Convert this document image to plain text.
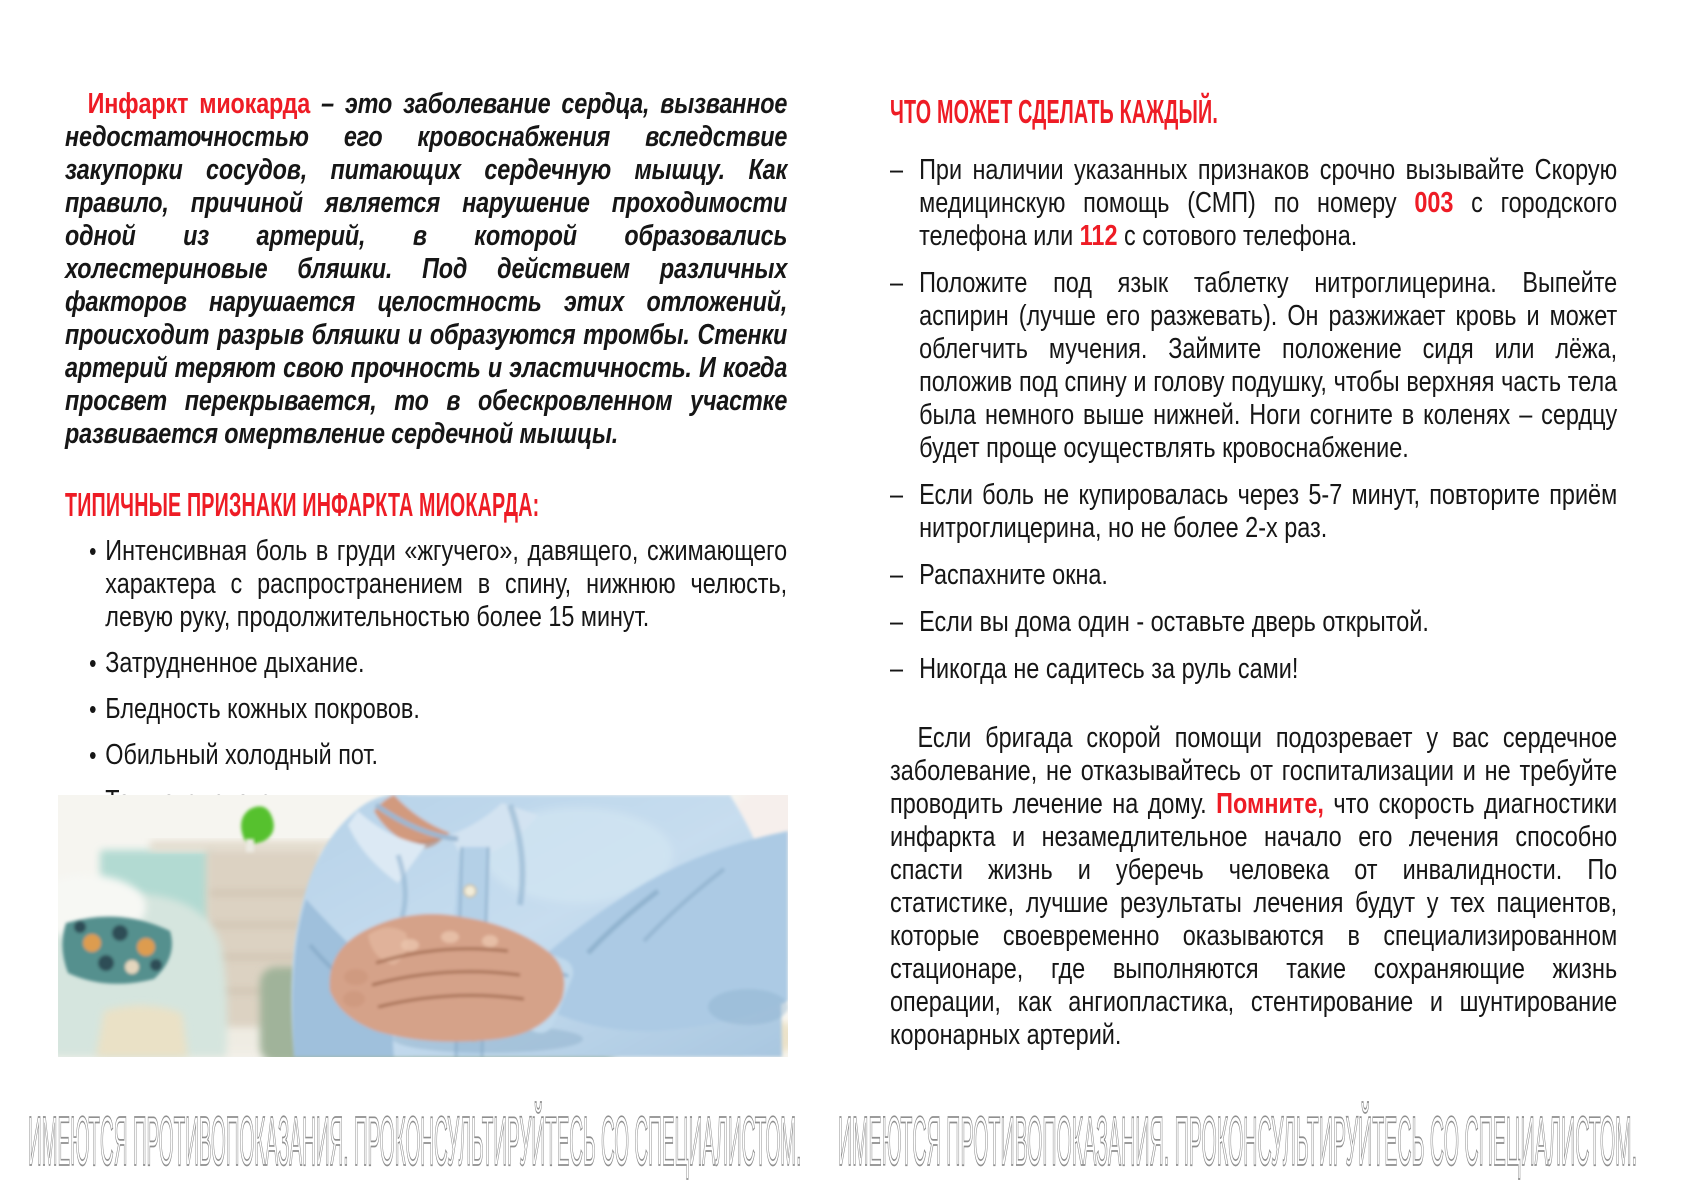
Инфаркт миокарда – это заболевание сердца, вызванное недостаточностью его кровоснабжения вследствие закупорки сосудов, питающих сердечную мышцу. Как правило, причиной является нарушение проходимости одной из артерий, в которой образовались холестериновые бляшки. Под действием различных факторов нарушается целостность этих отложений, происходит разрыв бляшки и образуются тромбы. Стенки артерий теряют свою прочность и эластичность. И когда просвет перекрывается, то в обескровленном участке развивается омертвление сердечной мышцы.

ТИПИЧНЫЕ ПРИЗНАКИ ИНФАРКТА МИОКАРДА:
• Интенсивная боль в груди «жгучего», давящего, сжимающего характера с распространением в спину, нижнюю челюсть, левую руку, продолжительностью более 15 минут.
• Затрудненное дыхание.
• Бледность кожных покровов.
• Обильный холодный пот.
ЧТО МОЖЕТ СДЕЛАТЬ КАЖДЫЙ.
– При наличии указанных признаков срочно вызывайте Скорую медицинскую помощь (СМП) по номеру 003 с городского телефона или 112 с сотового телефона.
– Положите под язык таблетку нитроглицерина. Выпейте аспирин (лучше его разжевать). Он разжижает кровь и может облегчить мучения. Займите положение сидя или лёжа, положив под спину и голову подушку, чтобы верхняя часть тела была немного выше нижней. Ноги согните в коленях – сердцу будет проще осуществлять кровоснабжение.
– Если боль не купировалась через 5-7 минут, повторите приём нитроглицерина, но не более 2-х раз.
– Распахните окна.
– Если вы дома один - оставьте дверь открытой.
– Никогда не садитесь за руль сами!

Если бригада скорой помощи подозревает у вас сердечное заболевание, не отказывайтесь от госпитализации и не требуйте проводить лечение на дому. Помните, что скорость диагностики инфаркта и незамедлительное начало его лечения способно спасти жизнь и уберечь человека от инвалидности. По статистике, лучшие результаты лечения будут у тех пациентов, которые своевременно оказываются в специализированном стационаре, где выполняются такие сохраняющие жизнь операции, как ангиопластика, стентирование и шунтирование коронарных артерий.

ИМЕЮТСЯ ПРОТИВОПОКАЗАНИЯ. ПРОКОНСУЛЬТИРУЙТЕСЬ СО СПЕЦИАЛИСТОМ. ИМЕЮТСЯ ПРОТИВОПОКАЗАНИЯ. ПРОКОНСУЛЬТИРУЙТЕСЬ СО СПЕЦИАЛИСТОМ.
